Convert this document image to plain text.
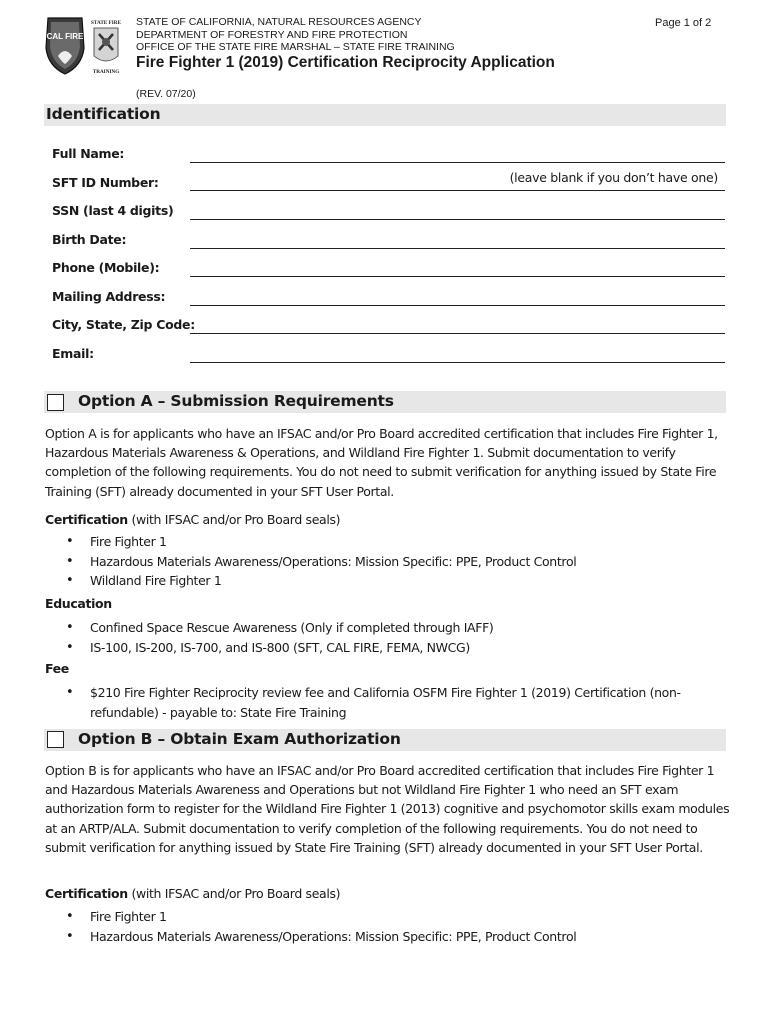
CAL FIRE
STATE FIRE
TRAINING
STATE OF CALIFORNIA, NATURAL RESOURCES AGENCY
DEPARTMENT OF FORESTRY AND FIRE PROTECTION
OFFICE OF THE STATE FIRE MARSHAL – STATE FIRE TRAINING
Page 1 of 2
Fire Fighter 1 (2019) Certification Reciprocity Application
(REV. 07/20)
Identification
Full Name:
SFT ID Number:	(leave blank if you don’t have one)
SSN (last 4 digits)
Birth Date:
Phone (Mobile):
Mailing Address:
City, State, Zip Code:
Email:
Option A – Submission Requirements
Option A is for applicants who have an IFSAC and/or Pro Board accredited certification that includes Fire Fighter 1, Hazardous Materials Awareness & Operations, and Wildland Fire Fighter 1. Submit documentation to verify completion of the following requirements. You do not need to submit verification for anything issued by State Fire Training (SFT) already documented in your SFT User Portal.
Certification (with IFSAC and/or Pro Board seals)
• Fire Fighter 1
• Hazardous Materials Awareness/Operations: Mission Specific: PPE, Product Control
• Wildland Fire Fighter 1
Education
• Confined Space Rescue Awareness (Only if completed through IAFF)
• IS-100, IS-200, IS-700, and IS-800 (SFT, CAL FIRE, FEMA, NWCG)
Fee
• $210 Fire Fighter Reciprocity review fee and California OSFM Fire Fighter 1 (2019) Certification (non-refundable) - payable to: State Fire Training
Option B – Obtain Exam Authorization
Option B is for applicants who have an IFSAC and/or Pro Board accredited certification that includes Fire Fighter 1 and Hazardous Materials Awareness and Operations but not Wildland Fire Fighter 1 who need an SFT exam authorization form to register for the Wildland Fire Fighter 1 (2013) cognitive and psychomotor skills exam modules at an ARTP/ALA. Submit documentation to verify completion of the following requirements. You do not need to submit verification for anything issued by State Fire Training (SFT) already documented in your SFT User Portal.
Certification (with IFSAC and/or Pro Board seals)
• Fire Fighter 1
• Hazardous Materials Awareness/Operations: Mission Specific: PPE, Product Control
